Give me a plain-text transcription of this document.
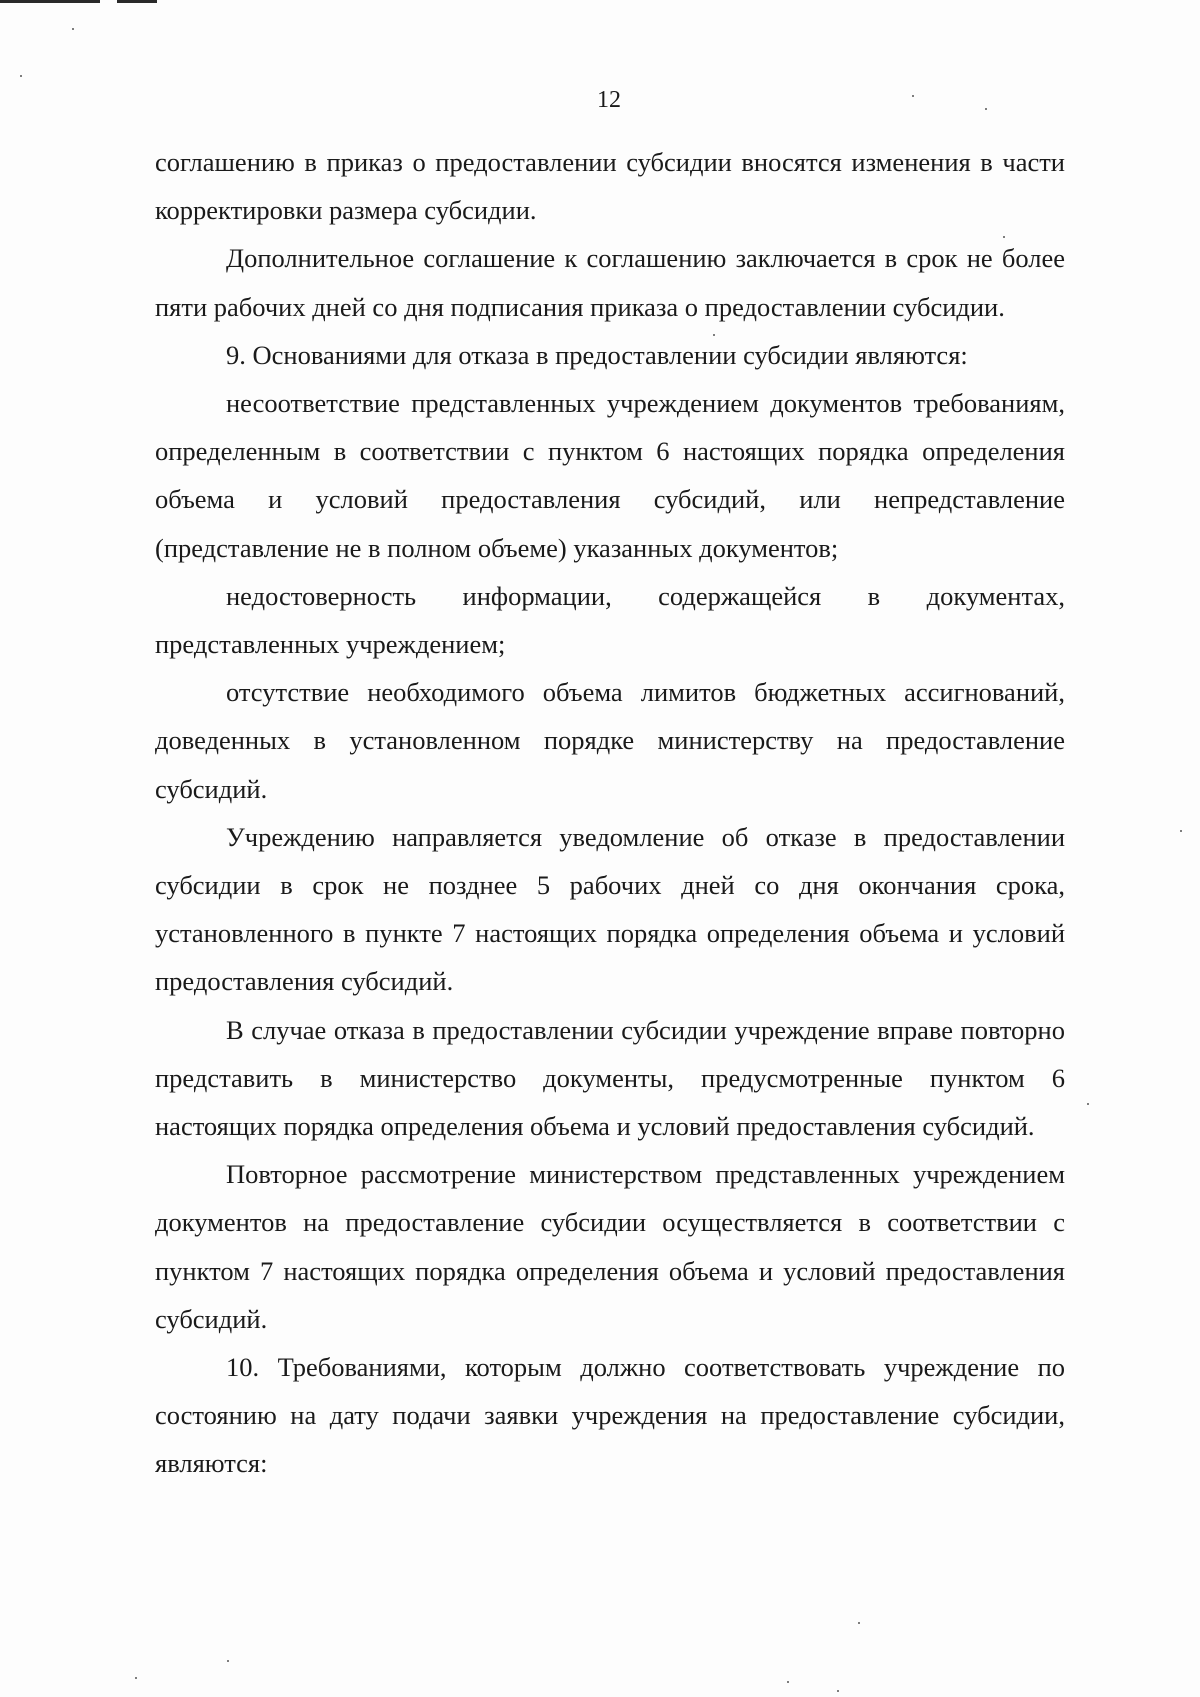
12

соглашению в приказ о предоставлении субсидии вносятся изменения в части корректировки размера субсидии.

Дополнительное соглашение к соглашению заключается в срок не более пяти рабочих дней со дня подписания приказа о предоставлении субсидии.

9. Основаниями для отказа в предоставлении субсидии являются:

несоответствие представленных учреждением документов требованиям, определенным в соответствии с пунктом 6 настоящих порядка определения объема и условий предоставления субсидий, или непредставление (представление не в полном объеме) указанных документов;

недостоверность информации, содержащейся в документах, представленных учреждением;

отсутствие необходимого объема лимитов бюджетных ассигнований, доведенных в установленном порядке министерству на предоставление субсидий.

Учреждению направляется уведомление об отказе в предоставлении субсидии в срок не позднее 5 рабочих дней со дня окончания срока, установленного в пункте 7 настоящих порядка определения объема и условий предоставления субсидий.

В случае отказа в предоставлении субсидии учреждение вправе повторно представить в министерство документы, предусмотренные пунктом 6 настоящих порядка определения объема и условий предоставления субсидий.

Повторное рассмотрение министерством представленных учреждением документов на предоставление субсидии осуществляется в соответствии с пунктом 7 настоящих порядка определения объема и условий предоставления субсидий.

10. Требованиями, которым должно соответствовать учреждение по состоянию на дату подачи заявки учреждения на предоставление субсидии, являются:
